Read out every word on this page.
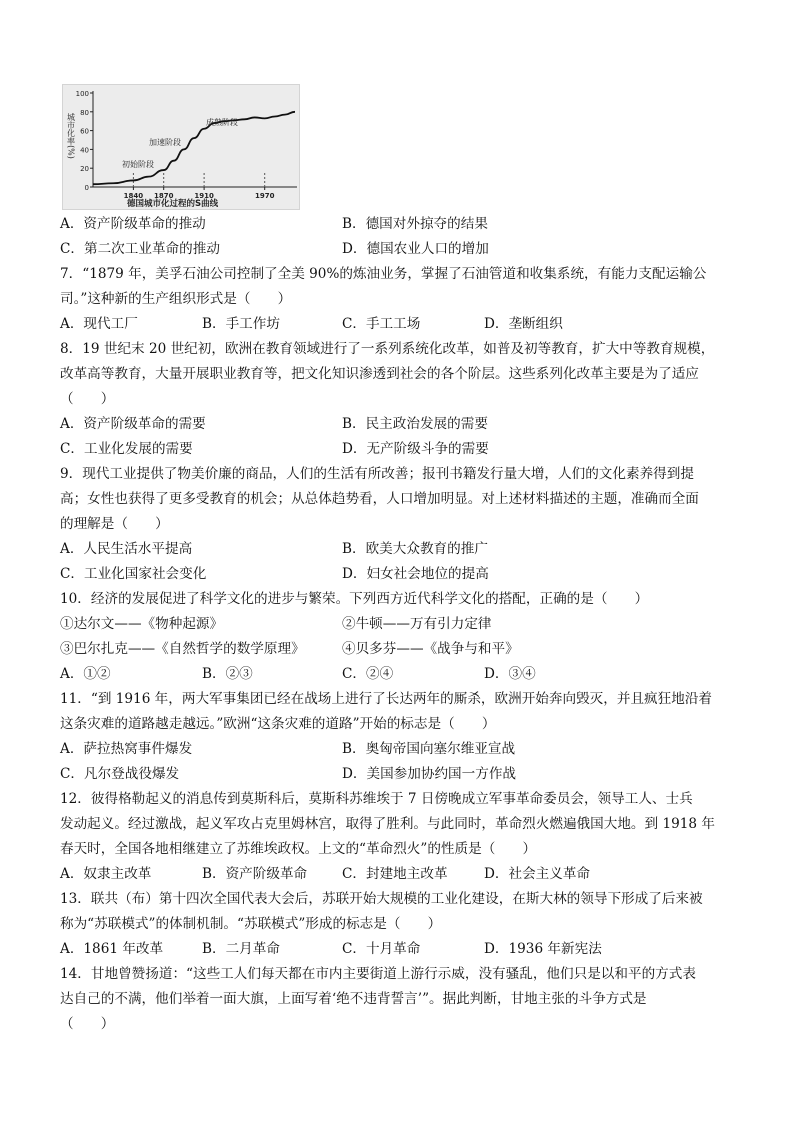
0
20
40
60
80
100
1840 1870	1910	1970
城市化率(%)
初始阶段
加速阶段
成熟阶段
德国城市化过程的S曲线
A．资产阶级革命的推动	B．德国对外掠夺的结果
C．第二次工业革命的推动	D．德国农业人口的增加
7．“1879 年，美孚石油公司控制了全美 90%的炼油业务，掌握了石油管道和收集系统，有能力支配运输公
司。”这种新的生产组织形式是（　　）
A．现代工厂	B．手工作坊	C．手工工场	D．垄断组织
8．19 世纪末 20 世纪初，欧洲在教育领域进行了一系列系统化改革，如普及初等教育，扩大中等教育规模，
改革高等教育，大量开展职业教育等，把文化知识渗透到社会的各个阶层。这些系列化改革主要是为了适应
（　　）
A．资产阶级革命的需要	B．民主政治发展的需要
C．工业化发展的需要	D．无产阶级斗争的需要
9．现代工业提供了物美价廉的商品，人们的生活有所改善；报刊书籍发行量大增，人们的文化素养得到提
高；女性也获得了更多受教育的机会；从总体趋势看，人口增加明显。对上述材料描述的主题，准确而全面
的理解是（　　）
A．人民生活水平提高	B．欧美大众教育的推广
C．工业化国家社会变化	D．妇女社会地位的提高
10．经济的发展促进了科学文化的进步与繁荣。下列西方近代科学文化的搭配，正确的是（　　）
①达尔文——《物种起源》	②牛顿——万有引力定律
③巴尔扎克——《自然哲学的数学原理》	④贝多芬——《战争与和平》
A．①②	B．②③	C．②④	D．③④
11．“到 1916 年，两大军事集团已经在战场上进行了长达两年的厮杀，欧洲开始奔向毁灭，并且疯狂地沿着
这条灾难的道路越走越远。”欧洲“这条灾难的道路”开始的标志是（　　）
A．萨拉热窝事件爆发	B．奥匈帝国向塞尔维亚宣战
C．凡尔登战役爆发	D．美国参加协约国一方作战
12．彼得格勒起义的消息传到莫斯科后，莫斯科苏维埃于 7 日傍晚成立军事革命委员会，领导工人、士兵
发动起义。经过激战，起义军攻占克里姆林宫，取得了胜利。与此同时，革命烈火燃遍俄国大地。到 1918 年
春天时，全国各地相继建立了苏维埃政权。上文的“革命烈火”的性质是（　　）
A．奴隶主改革	B．资产阶级革命	C．封建地主改革	D．社会主义革命
13．联共（布）第十四次全国代表大会后，苏联开始大规模的工业化建设，在斯大林的领导下形成了后来被
称为“苏联模式”的体制机制。“苏联模式”形成的标志是（　　）
A．1861 年改革	B．二月革命	C．十月革命	D．1936 年新宪法
14．甘地曾赞扬道：“这些工人们每天都在市内主要街道上游行示威，没有骚乱，他们只是以和平的方式表
达自己的不满，他们举着一面大旗，上面写着‘绝不违背誓言’”。据此判断，甘地主张的斗争方式是
（　　）
